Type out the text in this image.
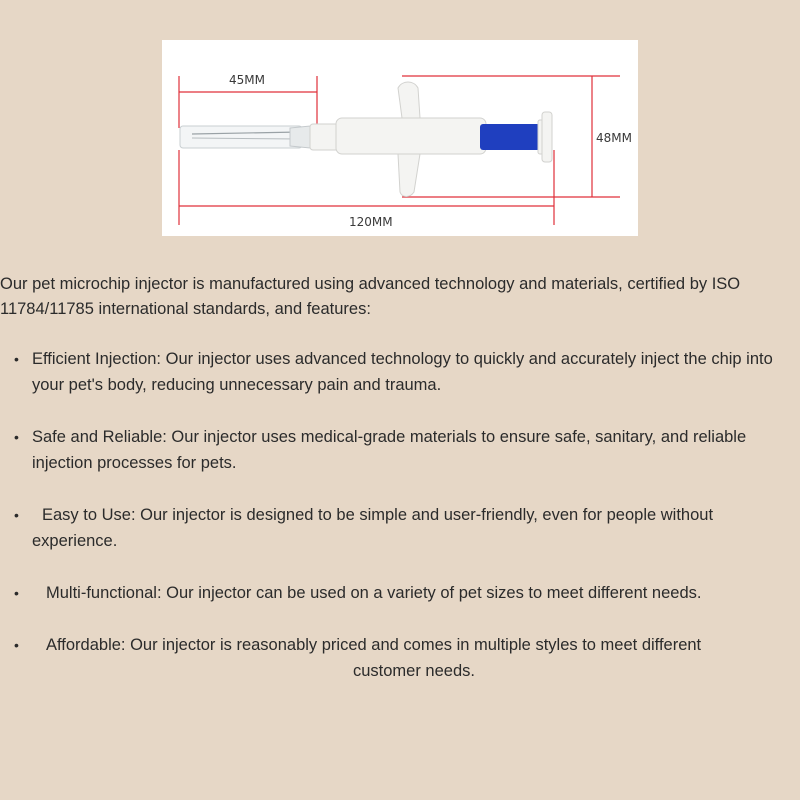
45MM
48MM
120MM

Our pet microchip injector is manufactured using advanced technology and materials, certified by ISO 11784/11785 international standards, and features:

• Efficient Injection: Our injector uses advanced technology to quickly and accurately inject the chip into your pet's body, reducing unnecessary pain and trauma.
• Safe and Reliable: Our injector uses medical-grade materials to ensure safe, sanitary, and reliable injection processes for pets.
• Easy to Use: Our injector is designed to be simple and user-friendly, even for people without experience.
• Multi-functional: Our injector can be used on a variety of pet sizes to meet different needs.
• Affordable: Our injector is reasonably priced and comes in multiple styles to meet different
customer needs.
